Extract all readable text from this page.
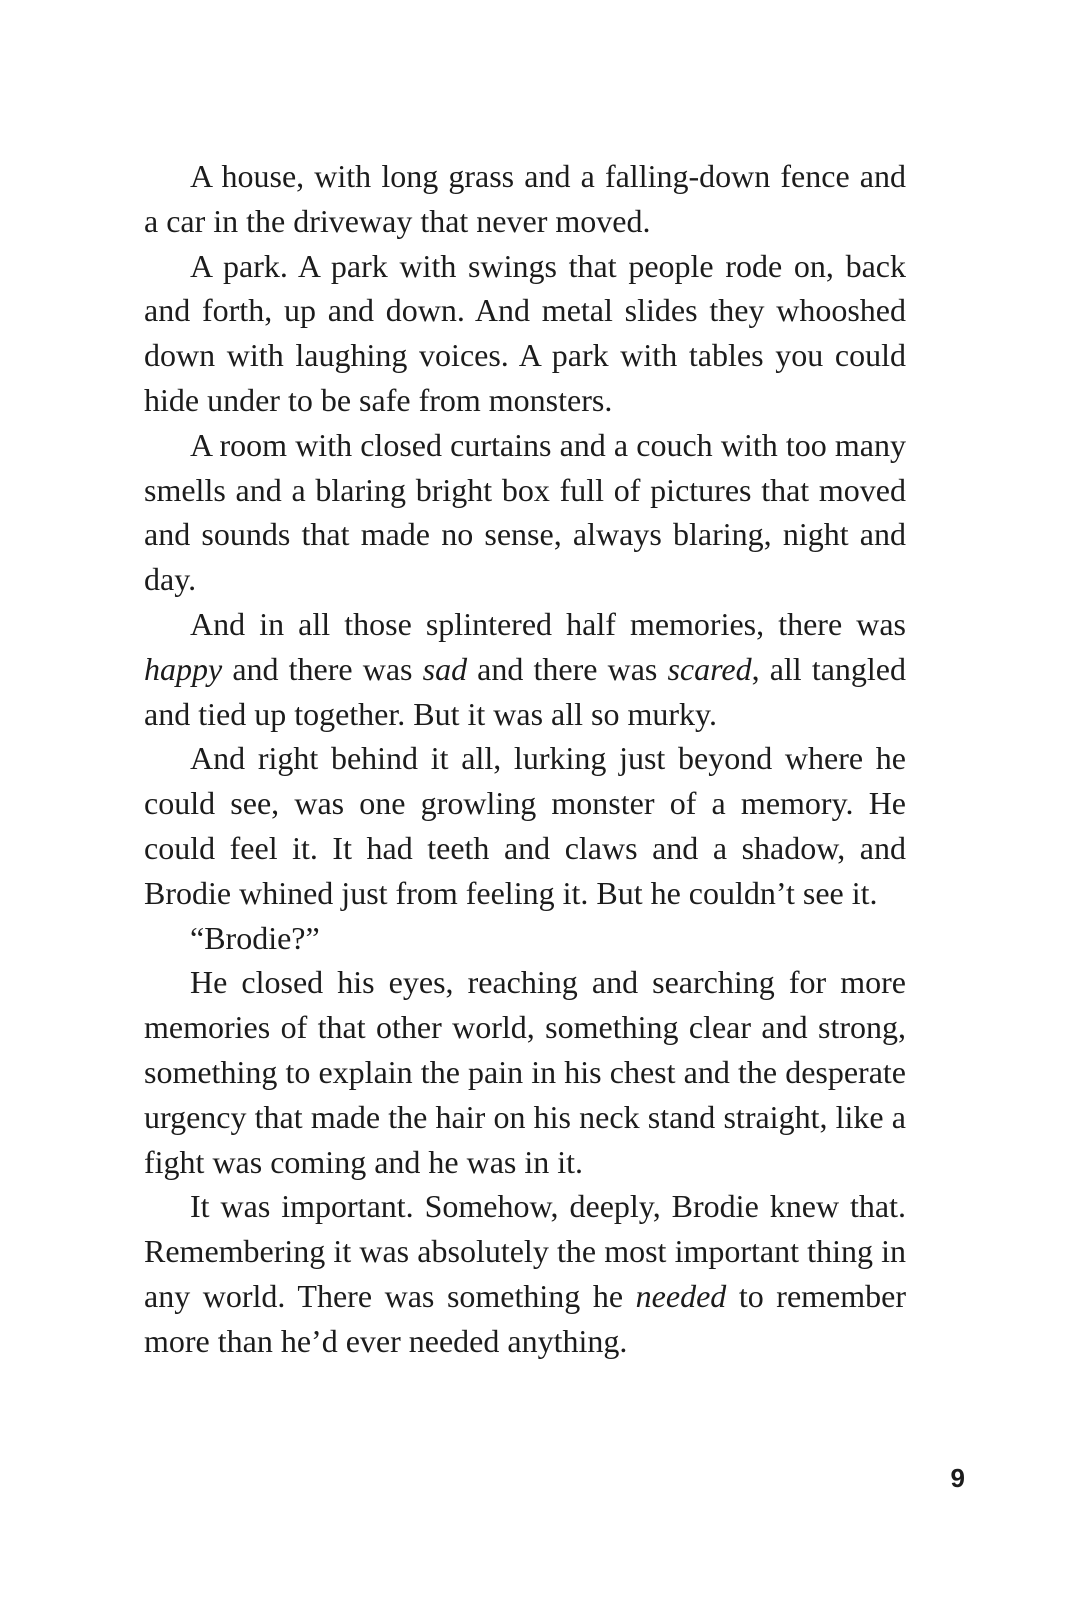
A house, with long grass and a falling-down fence and a car in the driveway that never moved.

A park. A park with swings that people rode on, back and forth, up and down. And metal slides they whooshed down with laughing voices. A park with tables you could hide under to be safe from monsters.

A room with closed curtains and a couch with too many smells and a blaring bright box full of pictures that moved and sounds that made no sense, always blaring, night and day.

And in all those splintered half memories, there was happy and there was sad and there was scared, all tangled and tied up together. But it was all so murky.

And right behind it all, lurking just beyond where he could see, was one growling monster of a memory. He could feel it. It had teeth and claws and a shadow, and Brodie whined just from feeling it. But he couldn’t see it.

“Brodie?”

He closed his eyes, reaching and searching for more memories of that other world, something clear and strong, something to explain the pain in his chest and the desperate urgency that made the hair on his neck stand straight, like a fight was coming and he was in it.

It was important. Somehow, deeply, Brodie knew that. Remembering it was absolutely the most important thing in any world. There was something he needed to remember more than he’d ever needed anything.

9
